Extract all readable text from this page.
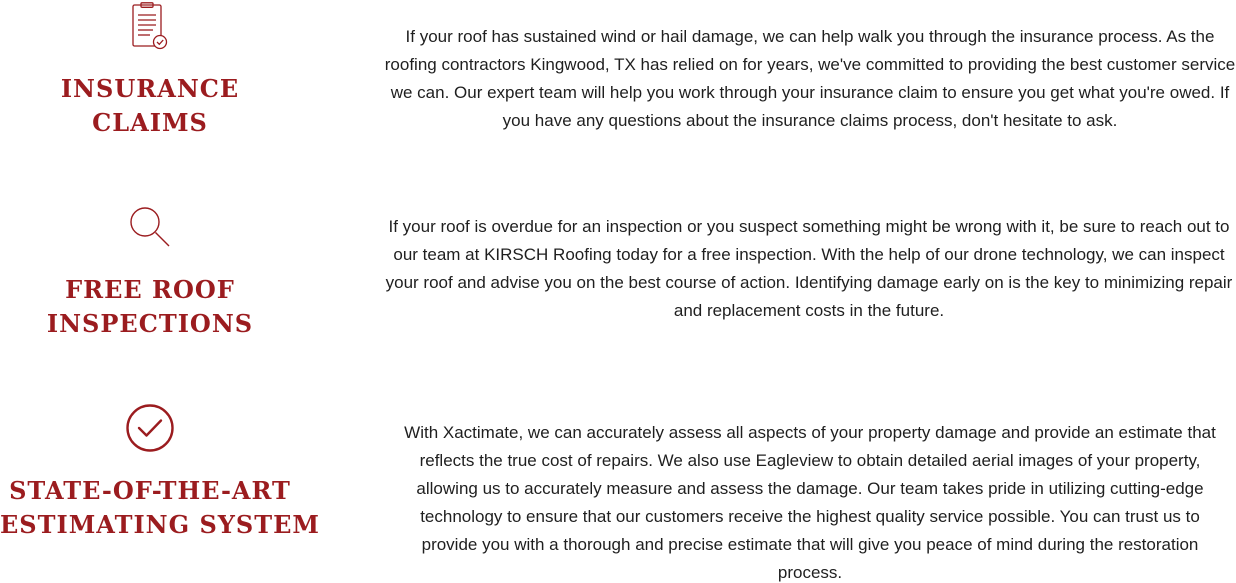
INSURANCE
CLAIMS

If your roof has sustained wind or hail damage, we can help walk you through the insurance process. As the roofing contractors Kingwood, TX has relied on for years, we've committed to providing the best customer service we can. Our expert team will help you work through your insurance claim to ensure you get what you're owed. If you have any questions about the insurance claims process, don't hesitate to ask.

FREE ROOF
INSPECTIONS

If your roof is overdue for an inspection or you suspect something might be wrong with it, be sure to reach out to our team at KIRSCH Roofing today for a free inspection. With the help of our drone technology, we can inspect your roof and advise you on the best course of action. Identifying damage early on is the key to minimizing repair and replacement costs in the future.

STATE-OF-THE-ART
ESTIMATING SYSTEM

With Xactimate, we can accurately assess all aspects of your property damage and provide an estimate that reflects the true cost of repairs. We also use Eagleview to obtain detailed aerial images of your property, allowing us to accurately measure and assess the damage. Our team takes pride in utilizing cutting-edge technology to ensure that our customers receive the highest quality service possible. You can trust us to provide you with a thorough and precise estimate that will give you peace of mind during the restoration process.
